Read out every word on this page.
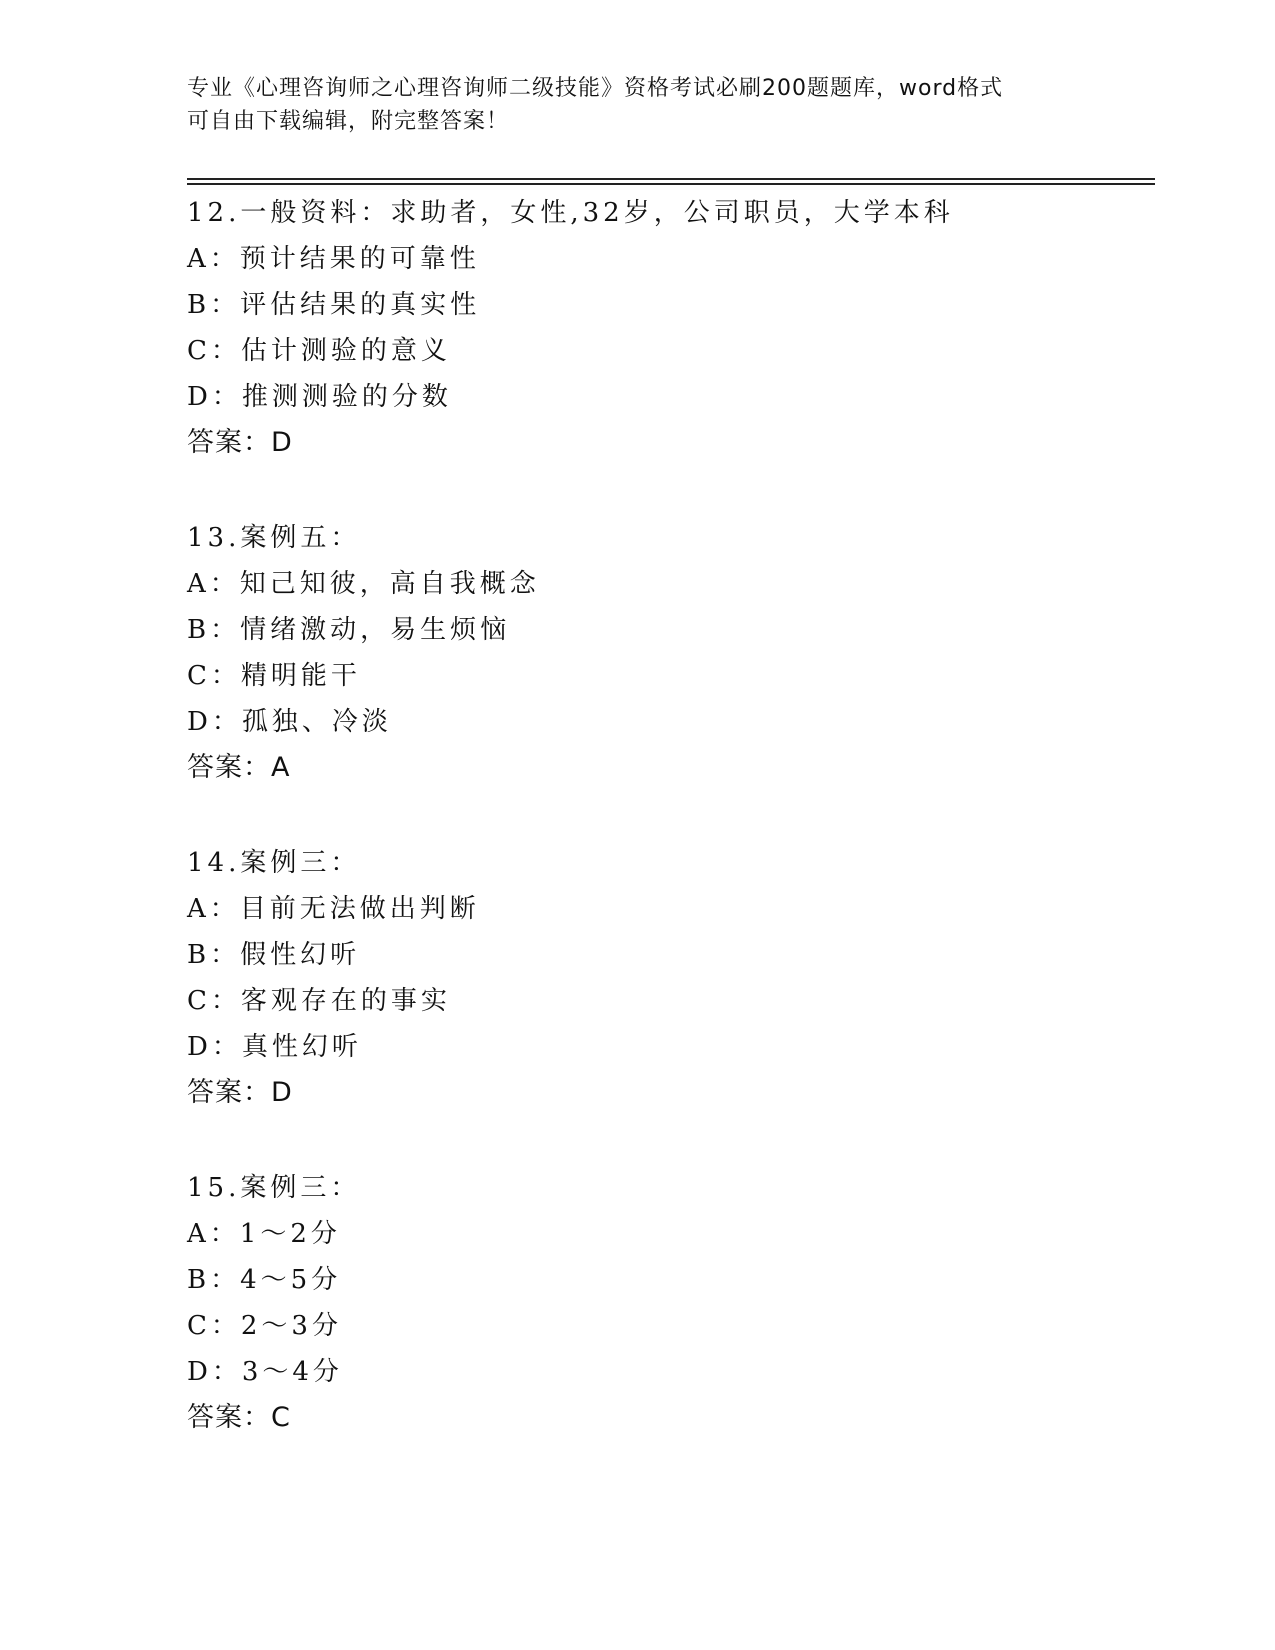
专业《心理咨询师之心理咨询师二级技能》资格考试必刷200题题库，word格式
可自由下载编辑，附完整答案！
12.一般资料：求助者，女性,32岁，公司职员，大学本科
A：预计结果的可靠性
B：评估结果的真实性
C：估计测验的意义
D：推测测验的分数
答案：D
13.案例五：
A：知己知彼，高自我概念
B：情绪激动，易生烦恼
C：精明能干
D：孤独、冷淡
答案：A
14.案例三：
A：目前无法做出判断
B：假性幻听
C：客观存在的事实
D：真性幻听
答案：D
15.案例三：
A：1～2分
B：4～5分
C：2～3分
D：3～4分
答案：C
